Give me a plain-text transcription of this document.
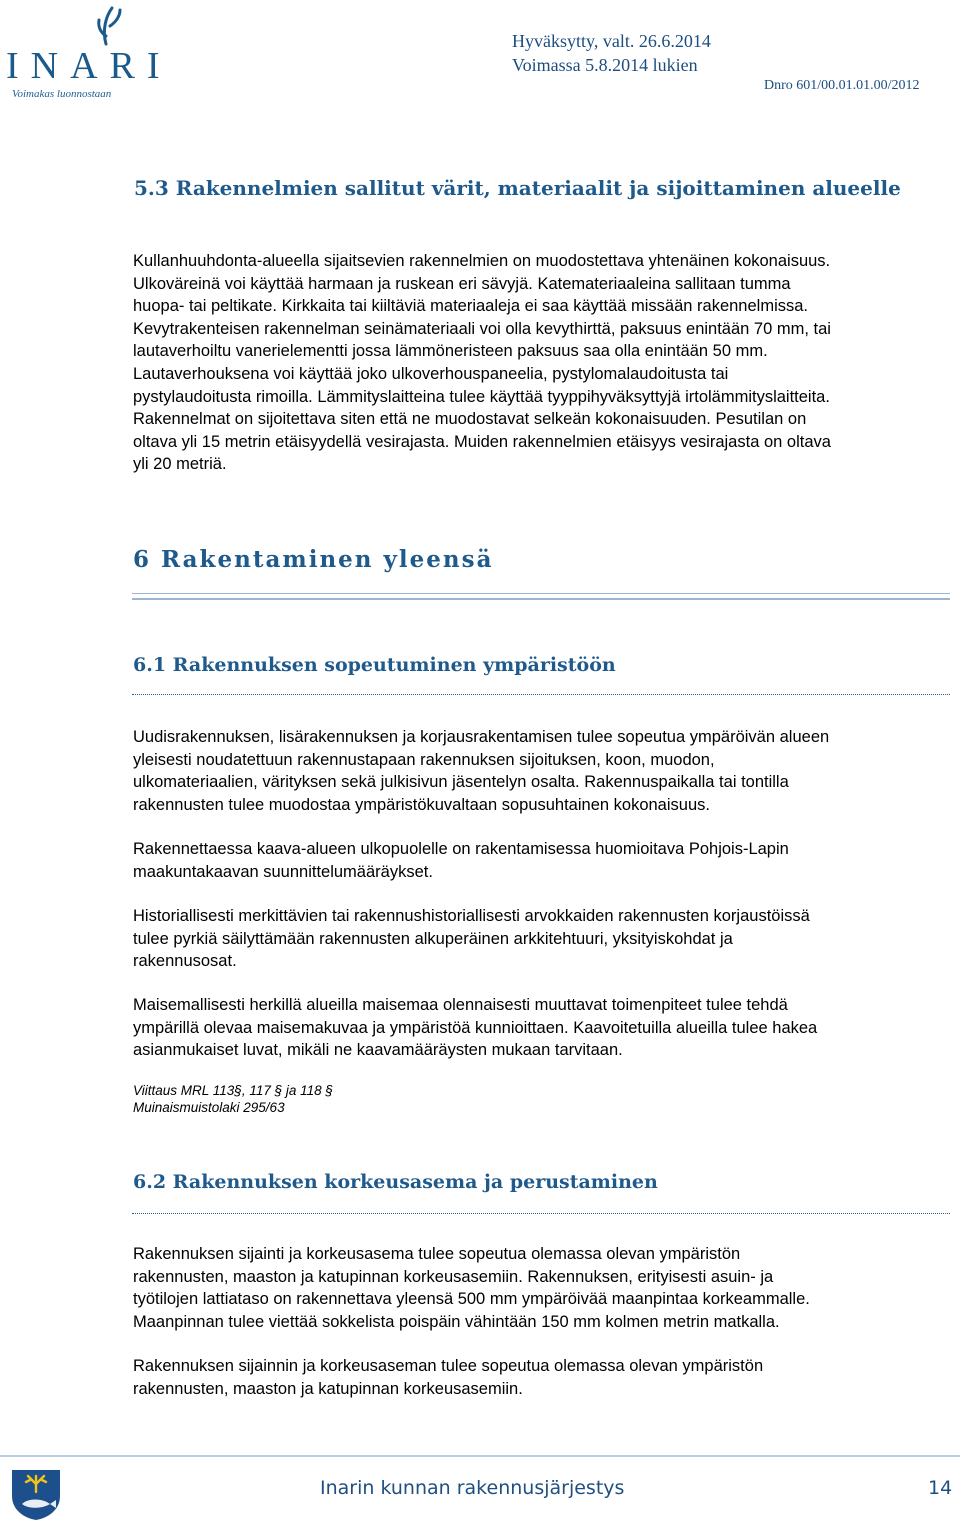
INARI
Voimakas luonnostaan
Hyväksytty, valt. 26.6.2014
Voimassa 5.8.2014 lukien
Dnro 601/00.01.01.00/2012
5.3 Rakennelmien sallitut värit, materiaalit ja sijoittaminen alueelle
Kullanhuuhdonta-alueella sijaitsevien rakennelmien on muodostettava yhtenäinen kokonaisuus.
Ulkoväreinä voi käyttää harmaan ja ruskean eri sävyjä. Katemateriaaleina sallitaan tumma
huopa- tai peltikate. Kirkkaita tai kiiltäviä materiaaleja ei saa käyttää missään rakennelmissa.
Kevytrakenteisen rakennelman seinämateriaali voi olla kevythirttä, paksuus enintään 70 mm, tai
lautaverhoiltu vanerielementti jossa lämmöneristeen paksuus saa olla enintään 50 mm.
Lautaverhouksena voi käyttää joko ulkoverhouspaneelia, pystylomalaudoitusta tai
pystylaudoitusta rimoilla. Lämmityslaitteina tulee käyttää tyyppihyväksyttyjä irtolämmityslaitteita.
Rakennelmat on sijoitettava siten että ne muodostavat selkeän kokonaisuuden. Pesutilan on
oltava yli 15 metrin etäisyydellä vesirajasta. Muiden rakennelmien etäisyys vesirajasta on oltava
yli 20 metriä.
6 Rakentaminen yleensä
6.1 Rakennuksen sopeutuminen ympäristöön
Uudisrakennuksen, lisärakennuksen ja korjausrakentamisen tulee sopeutua ympäröivän alueen
yleisesti noudatettuun rakennustapaan rakennuksen sijoituksen, koon, muodon,
ulkomateriaalien, värityksen sekä julkisivun jäsentelyn osalta. Rakennuspaikalla tai tontilla
rakennusten tulee muodostaa ympäristökuvaltaan sopusuhtainen kokonaisuus.
Rakennettaessa kaava-alueen ulkopuolelle on rakentamisessa huomioitava Pohjois-Lapin
maakuntakaavan suunnittelumääräykset.
Historiallisesti merkittävien tai rakennushistoriallisesti arvokkaiden rakennusten korjaustöissä
tulee pyrkiä säilyttämään rakennusten alkuperäinen arkkitehtuuri, yksityiskohdat ja
rakennusosat.
Maisemallisesti herkillä alueilla maisemaa olennaisesti muuttavat toimenpiteet tulee tehdä
ympärillä olevaa maisemakuvaa ja ympäristöä kunnioittaen. Kaavoitetuilla alueilla tulee hakea
asianmukaiset luvat, mikäli ne kaavamääräysten mukaan tarvitaan.
Viittaus MRL 113§, 117 § ja 118 §
Muinaismuistolaki 295/63
6.2 Rakennuksen korkeusasema ja perustaminen
Rakennuksen sijainti ja korkeusasema tulee sopeutua olemassa olevan ympäristön
rakennusten, maaston ja katupinnan korkeusasemiin. Rakennuksen, erityisesti asuin- ja
työtilojen lattiataso on rakennettava yleensä 500 mm ympäröivää maanpintaa korkeammalle.
Maanpinnan tulee viettää sokkelista poispäin vähintään 150 mm kolmen metrin matkalla.
Rakennuksen sijainnin ja korkeusaseman tulee sopeutua olemassa olevan ympäristön
rakennusten, maaston ja katupinnan korkeusasemiin.
Inarin kunnan rakennusjärjestys	14
